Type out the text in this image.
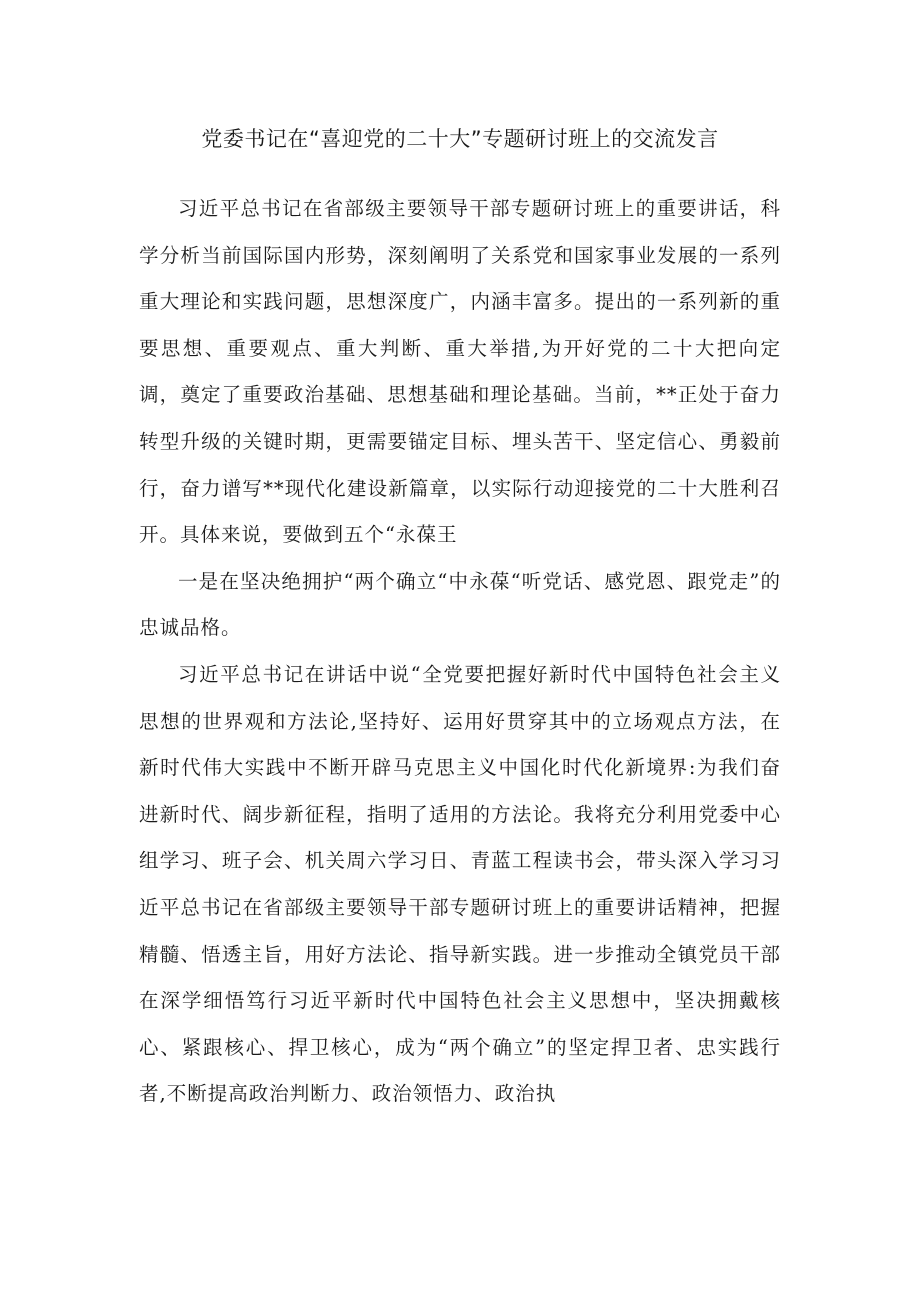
党委书记在“喜迎党的二十大”专题研讨班上的交流发言

习近平总书记在省部级主要领导干部专题研讨班上的重要讲话，科学分析当前国际国内形势，深刻阐明了关系党和国家事业发展的一系列重大理论和实践问题，思想深度广，内涵丰富多。提出的一系列新的重要思想、重要观点、重大判断、重大举措,为开好党的二十大把向定调，奠定了重要政治基础、思想基础和理论基础。当前，**正处于奋力转型升级的关键时期，更需要锚定目标、埋头苦干、坚定信心、勇毅前行，奋力谱写**现代化建设新篇章，以实际行动迎接党的二十大胜利召开。具体来说，要做到五个“永葆王

一是在坚决绝拥护“两个确立“中永葆“听党话、感党恩、跟党走”的忠诚品格。

习近平总书记在讲话中说“全党要把握好新时代中国特色社会主义思想的世界观和方法论,坚持好、运用好贯穿其中的立场观点方法，在新时代伟大实践中不断开辟马克思主义中国化时代化新境界:为我们奋进新时代、阔步新征程，指明了适用的方法论。我将充分利用党委中心组学习、班子会、机关周六学习日、青蓝工程读书会，带头深入学习习近平总书记在省部级主要领导干部专题研讨班上的重要讲话精神，把握精髓、悟透主旨，用好方法论、指导新实践。进一步推动全镇党员干部在深学细悟笃行习近平新时代中国特色社会主义思想中，坚决拥戴核心、紧跟核心、捍卫核心，成为“两个确立”的坚定捍卫者、忠实践行者,不断提高政治判断力、政治领悟力、政治执
